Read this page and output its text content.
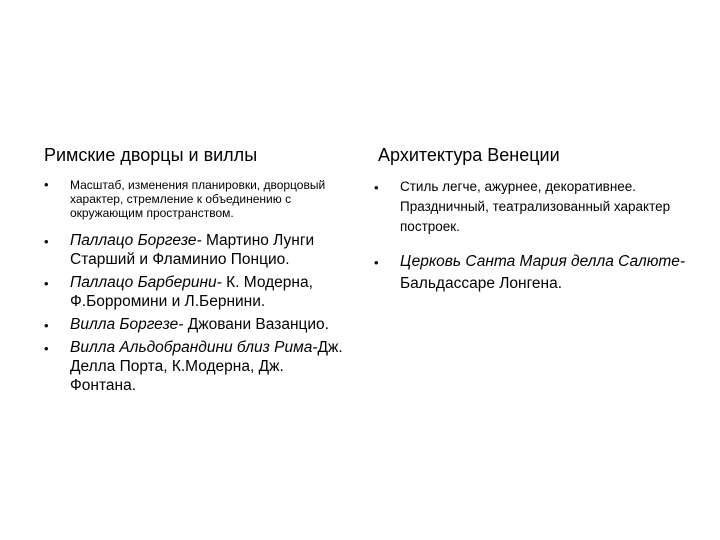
Римские дворцы и виллы
• Масштаб, изменения планировки, дворцовый характер, стремление к объединению с окружающим пространством.
• Паллацо Боргезе- Мартино Лунги Старший и Фламинио Понцио.
• Паллацо Барберини- К. Модерна, Ф.Борромини и Л.Бернини.
• Вилла Боргезе- Джовани Вазанцио.
• Вилла Альдобрандини близ Рима-Дж. Делла Порта, К.Модерна, Дж. Фонтана.
Архитектура Венеции
• Стиль легче, ажурнее, декоративнее. Праздничный, театрализованный характер построек.
• Церковь Санта Мария делла Салюте- Бальдассаре Лонгена.
